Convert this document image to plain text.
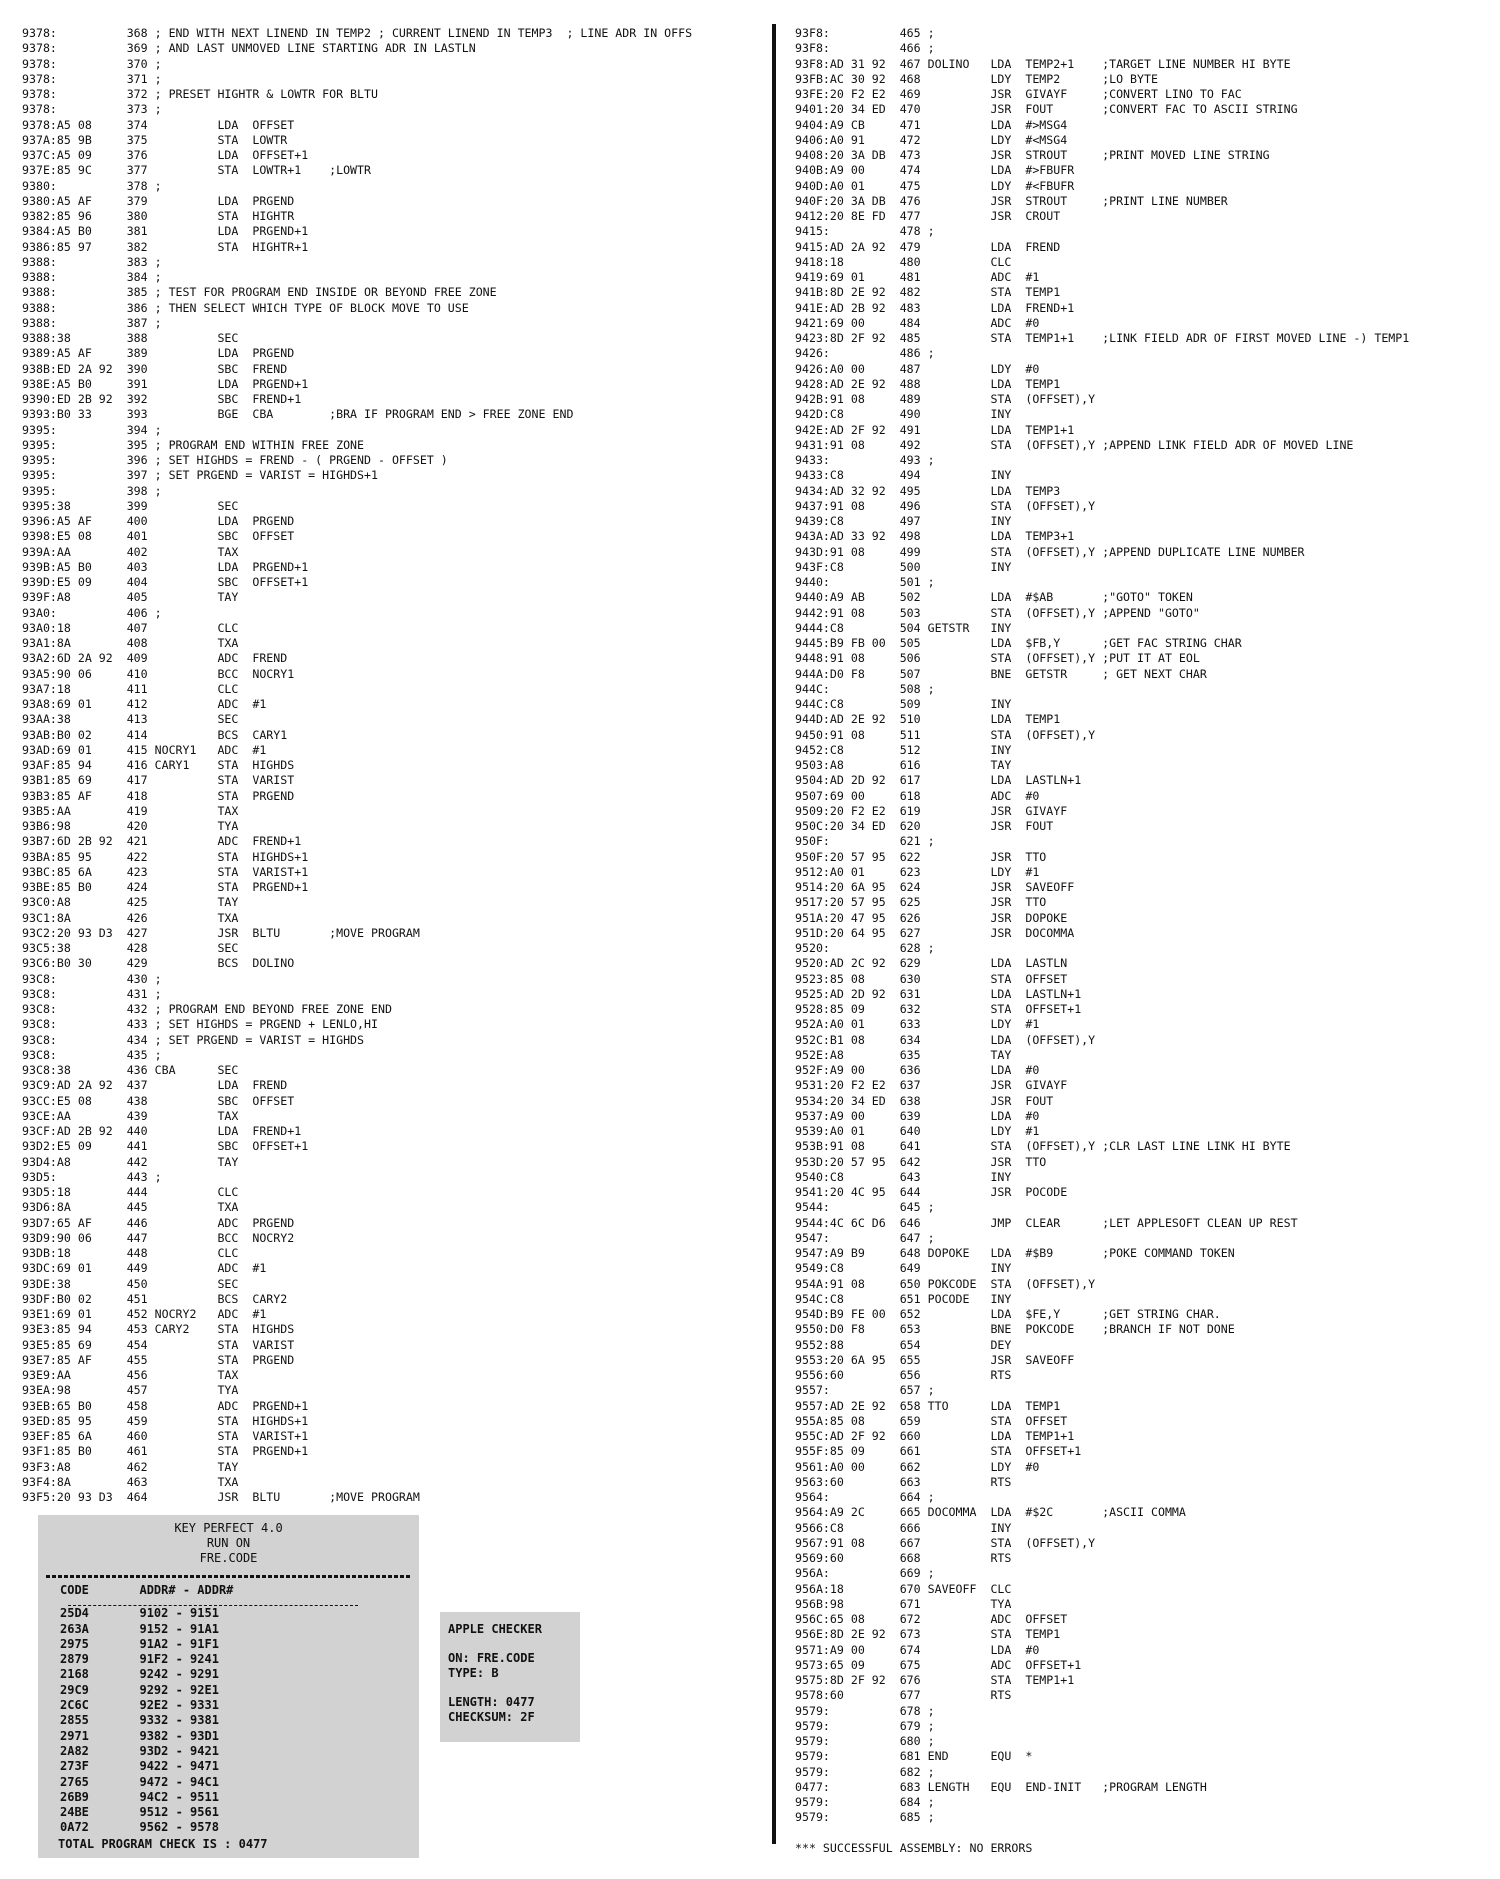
9378:          368 ; END WITH NEXT LINEND IN TEMP2 ; CURRENT LINEND IN TEMP3  ; LINE ADR IN OFFS
9378:          369 ; AND LAST UNMOVED LINE STARTING ADR IN LASTLN
9378:          370 ;
9378:          371 ;
9378:          372 ; PRESET HIGHTR & LOWTR FOR BLTU
9378:          373 ;
9378:A5 08     374          LDA  OFFSET
937A:85 9B     375          STA  LOWTR
937C:A5 09     376          LDA  OFFSET+1
937E:85 9C     377          STA  LOWTR+1    ;LOWTR
9380:          378 ;
9380:A5 AF     379          LDA  PRGEND
9382:85 96     380          STA  HIGHTR
9384:A5 B0     381          LDA  PRGEND+1
9386:85 97     382          STA  HIGHTR+1
9388:          383 ;
9388:          384 ;
9388:          385 ; TEST FOR PROGRAM END INSIDE OR BEYOND FREE ZONE
9388:          386 ; THEN SELECT WHICH TYPE OF BLOCK MOVE TO USE
9388:          387 ;
9388:38        388          SEC
9389:A5 AF     389          LDA  PRGEND
938B:ED 2A 92  390          SBC  FREND
938E:A5 B0     391          LDA  PRGEND+1
9390:ED 2B 92  392          SBC  FREND+1
9393:B0 33     393          BGE  CBA        ;BRA IF PROGRAM END > FREE ZONE END
9395:          394 ;
9395:          395 ; PROGRAM END WITHIN FREE ZONE
9395:          396 ; SET HIGHDS = FREND - ( PRGEND - OFFSET )
9395:          397 ; SET PRGEND = VARIST = HIGHDS+1
9395:          398 ;
9395:38        399          SEC
9396:A5 AF     400          LDA  PRGEND
9398:E5 08     401          SBC  OFFSET
939A:AA        402          TAX
939B:A5 B0     403          LDA  PRGEND+1
939D:E5 09     404          SBC  OFFSET+1
939F:A8        405          TAY
93A0:          406 ;
93A0:18        407          CLC
93A1:8A        408          TXA
93A2:6D 2A 92  409          ADC  FREND
93A5:90 06     410          BCC  NOCRY1
93A7:18        411          CLC
93A8:69 01     412          ADC  #1
93AA:38        413          SEC
93AB:B0 02     414          BCS  CARY1
93AD:69 01     415 NOCRY1   ADC  #1
93AF:85 94     416 CARY1    STA  HIGHDS
93B1:85 69     417          STA  VARIST
93B3:85 AF     418          STA  PRGEND
93B5:AA        419          TAX
93B6:98        420          TYA
93B7:6D 2B 92  421          ADC  FREND+1
93BA:85 95     422          STA  HIGHDS+1
93BC:85 6A     423          STA  VARIST+1
93BE:85 B0     424          STA  PRGEND+1
93C0:A8        425          TAY
93C1:8A        426          TXA
93C2:20 93 D3  427          JSR  BLTU       ;MOVE PROGRAM
93C5:38        428          SEC
93C6:B0 30     429          BCS  DOLINO
93C8:          430 ;
93C8:          431 ;
93C8:          432 ; PROGRAM END BEYOND FREE ZONE END
93C8:          433 ; SET HIGHDS = PRGEND + LENLO,HI
93C8:          434 ; SET PRGEND = VARIST = HIGHDS
93C8:          435 ;
93C8:38        436 CBA      SEC
93C9:AD 2A 92  437          LDA  FREND
93CC:E5 08     438          SBC  OFFSET
93CE:AA        439          TAX
93CF:AD 2B 92  440          LDA  FREND+1
93D2:E5 09     441          SBC  OFFSET+1
93D4:A8        442          TAY
93D5:          443 ;
93D5:18        444          CLC
93D6:8A        445          TXA
93D7:65 AF     446          ADC  PRGEND
93D9:90 06     447          BCC  NOCRY2
93DB:18        448          CLC
93DC:69 01     449          ADC  #1
93DE:38        450          SEC
93DF:B0 02     451          BCS  CARY2
93E1:69 01     452 NOCRY2   ADC  #1
93E3:85 94     453 CARY2    STA  HIGHDS
93E5:85 69     454          STA  VARIST
93E7:85 AF     455          STA  PRGEND
93E9:AA        456          TAX
93EA:98        457          TYA
93EB:65 B0     458          ADC  PRGEND+1
93ED:85 95     459          STA  HIGHDS+1
93EF:85 6A     460          STA  VARIST+1
93F1:85 B0     461          STA  PRGEND+1
93F3:A8        462          TAY
93F4:8A        463          TXA
93F5:20 93 D3  464          JSR  BLTU       ;MOVE PROGRAM
93F8:          465 ;
93F8:          466 ;
93F8:AD 31 92  467 DOLINO   LDA  TEMP2+1    ;TARGET LINE NUMBER HI BYTE
93FB:AC 30 92  468          LDY  TEMP2      ;LO BYTE
93FE:20 F2 E2  469          JSR  GIVAYF     ;CONVERT LINO TO FAC
9401:20 34 ED  470          JSR  FOUT       ;CONVERT FAC TO ASCII STRING
9404:A9 CB     471          LDA  #>MSG4
9406:A0 91     472          LDY  #<MSG4
9408:20 3A DB  473          JSR  STROUT     ;PRINT MOVED LINE STRING
940B:A9 00     474          LDA  #>FBUFR
940D:A0 01     475          LDY  #<FBUFR
940F:20 3A DB  476          JSR  STROUT     ;PRINT LINE NUMBER
9412:20 8E FD  477          JSR  CROUT
9415:          478 ;
9415:AD 2A 92  479          LDA  FREND
9418:18        480          CLC
9419:69 01     481          ADC  #1
941B:8D 2E 92  482          STA  TEMP1
941E:AD 2B 92  483          LDA  FREND+1
9421:69 00     484          ADC  #0
9423:8D 2F 92  485          STA  TEMP1+1    ;LINK FIELD ADR OF FIRST MOVED LINE -) TEMP1
9426:          486 ;
9426:A0 00     487          LDY  #0
9428:AD 2E 92  488          LDA  TEMP1
942B:91 08     489          STA  (OFFSET),Y
942D:C8        490          INY
942E:AD 2F 92  491          LDA  TEMP1+1
9431:91 08     492          STA  (OFFSET),Y ;APPEND LINK FIELD ADR OF MOVED LINE
9433:          493 ;
9433:C8        494          INY
9434:AD 32 92  495          LDA  TEMP3
9437:91 08     496          STA  (OFFSET),Y
9439:C8        497          INY
943A:AD 33 92  498          LDA  TEMP3+1
943D:91 08     499          STA  (OFFSET),Y ;APPEND DUPLICATE LINE NUMBER
943F:C8        500          INY
9440:          501 ;
9440:A9 AB     502          LDA  #$AB       ;"GOTO" TOKEN
9442:91 08     503          STA  (OFFSET),Y ;APPEND "GOTO"
9444:C8        504 GETSTR   INY
9445:B9 FB 00  505          LDA  $FB,Y      ;GET FAC STRING CHAR
9448:91 08     506          STA  (OFFSET),Y ;PUT IT AT EOL
944A:D0 F8     507          BNE  GETSTR     ; GET NEXT CHAR
944C:          508 ;
944C:C8        509          INY
944D:AD 2E 92  510          LDA  TEMP1
9450:91 08     511          STA  (OFFSET),Y
9452:C8        512          INY
9503:A8        616          TAY
9504:AD 2D 92  617          LDA  LASTLN+1
9507:69 00     618          ADC  #0
9509:20 F2 E2  619          JSR  GIVAYF
950C:20 34 ED  620          JSR  FOUT
950F:          621 ;
950F:20 57 95  622          JSR  TTO
9512:A0 01     623          LDY  #1
9514:20 6A 95  624          JSR  SAVEOFF
9517:20 57 95  625          JSR  TTO
951A:20 47 95  626          JSR  DOPOKE
951D:20 64 95  627          JSR  DOCOMMA
9520:          628 ;
9520:AD 2C 92  629          LDA  LASTLN
9523:85 08     630          STA  OFFSET
9525:AD 2D 92  631          LDA  LASTLN+1
9528:85 09     632          STA  OFFSET+1
952A:A0 01     633          LDY  #1
952C:B1 08     634          LDA  (OFFSET),Y
952E:A8        635          TAY
952F:A9 00     636          LDA  #0
9531:20 F2 E2  637          JSR  GIVAYF
9534:20 34 ED  638          JSR  FOUT
9537:A9 00     639          LDA  #0
9539:A0 01     640          LDY  #1
953B:91 08     641          STA  (OFFSET),Y ;CLR LAST LINE LINK HI BYTE
953D:20 57 95  642          JSR  TTO
9540:C8        643          INY
9541:20 4C 95  644          JSR  POCODE
9544:          645 ;
9544:4C 6C D6  646          JMP  CLEAR      ;LET APPLESOFT CLEAN UP REST
9547:          647 ;
9547:A9 B9     648 DOPOKE   LDA  #$B9       ;POKE COMMAND TOKEN
9549:C8        649          INY
954A:91 08     650 POKCODE  STA  (OFFSET),Y
954C:C8        651 POCODE   INY
954D:B9 FE 00  652          LDA  $FE,Y      ;GET STRING CHAR.
9550:D0 F8     653          BNE  POKCODE    ;BRANCH IF NOT DONE
9552:88        654          DEY
9553:20 6A 95  655          JSR  SAVEOFF
9556:60        656          RTS
9557:          657 ;
9557:AD 2E 92  658 TTO      LDA  TEMP1
955A:85 08     659          STA  OFFSET
955C:AD 2F 92  660          LDA  TEMP1+1
955F:85 09     661          STA  OFFSET+1
9561:A0 00     662          LDY  #0
9563:60        663          RTS
9564:          664 ;
9564:A9 2C     665 DOCOMMA  LDA  #$2C       ;ASCII COMMA
9566:C8        666          INY
9567:91 08     667          STA  (OFFSET),Y
9569:60        668          RTS
956A:          669 ;
956A:18        670 SAVEOFF  CLC
956B:98        671          TYA
956C:65 08     672          ADC  OFFSET
956E:8D 2E 92  673          STA  TEMP1
9571:A9 00     674          LDA  #0
9573:65 09     675          ADC  OFFSET+1
9575:8D 2F 92  676          STA  TEMP1+1
9578:60        677          RTS
9579:          678 ;
9579:          679 ;
9579:          680 ;
9579:          681 END      EQU  *
9579:          682 ;
0477:          683 LENGTH   EQU  END-INIT   ;PROGRAM LENGTH
9579:          684 ;
9579:          685 ;
*** SUCCESSFUL ASSEMBLY: NO ERRORS
KEY PERFECT 4.0
RUN ON
FRE.CODE
CODE       ADDR# - ADDR#
25D4       9102 - 9151
263A       9152 - 91A1
2975       91A2 - 91F1
2879       91F2 - 9241
2168       9242 - 9291
29C9       9292 - 92E1
2C6C       92E2 - 9331
2855       9332 - 9381
2971       9382 - 93D1
2A82       93D2 - 9421
273F       9422 - 9471
2765       9472 - 94C1
26B9       94C2 - 9511
24BE       9512 - 9561
0A72       9562 - 9578
TOTAL PROGRAM CHECK IS : 0477
APPLE CHECKER
ON: FRE.CODE
TYPE: B
LENGTH: 0477
CHECKSUM: 2F
